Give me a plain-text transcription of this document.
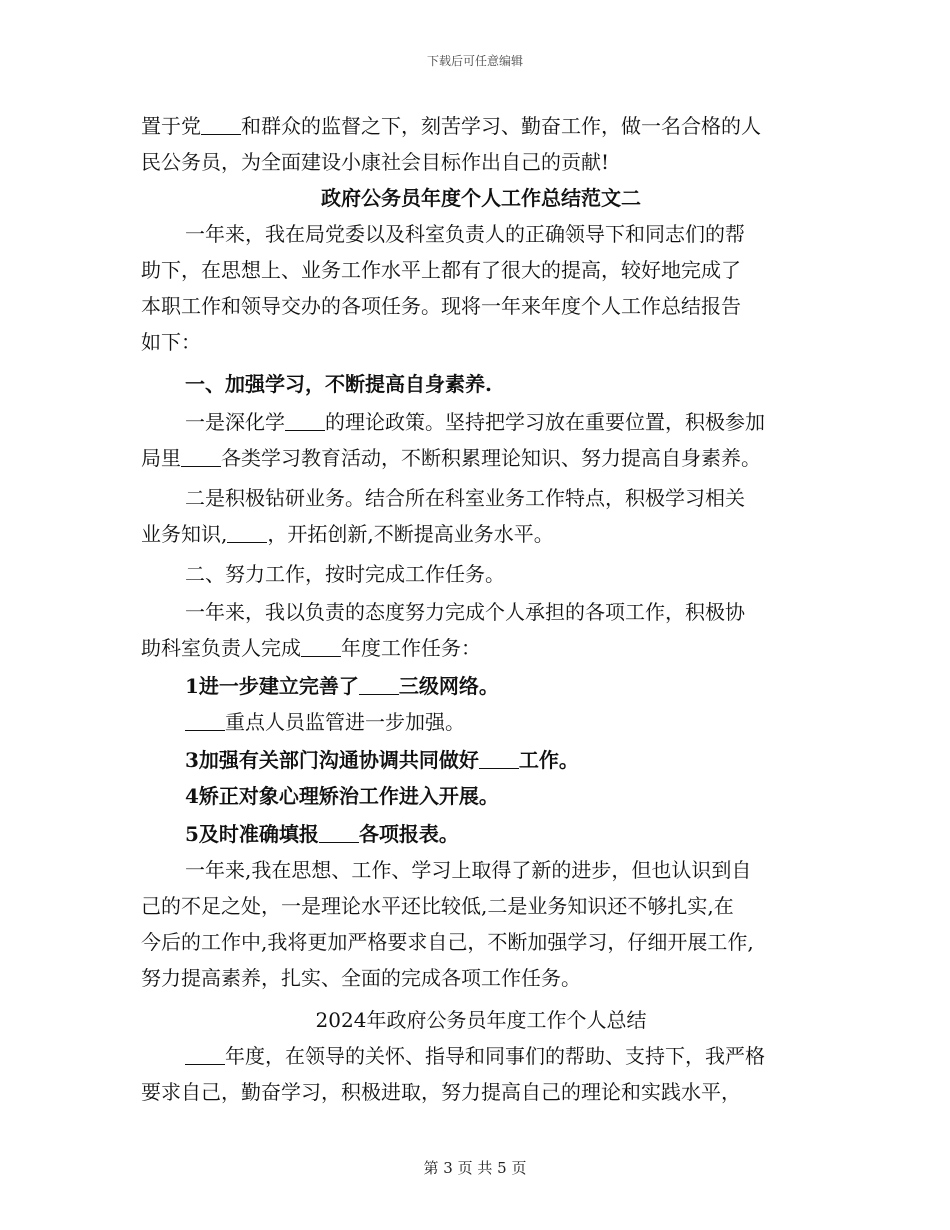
下载后可任意编辑
置于党 和群众的监督之下，刻苦学习、勤奋工作，做一名合格的人
民公务员，为全面建设小康社会目标作出自己的贡献!
政府公务员年度个人工作总结范文二
一年来，我在局党委以及科室负责人的正确领导下和同志们的帮
助下，在思想上、业务工作水平上都有了很大的提高，较好地完成了
本职工作和领导交办的各项任务。现将一年来年度个人工作总结报告
如下：
一、加强学习，不断提高自身素养.
一是深化学 的理论政策。坚持把学习放在重要位置，积极参加
局里 各类学习教育活动，不断积累理论知识、努力提高自身素养。
二是积极钻研业务。结合所在科室业务工作特点，积极学习相关
业务知识, ，开拓创新,不断提高业务水平。
二、努力工作，按时完成工作任务。
一年来，我以负责的态度努力完成个人承担的各项工作，积极协
助科室负责人完成 年度工作任务：
1进一步建立完善了 三级网络。
重点人员监管进一步加强。
3加强有关部门沟通协调共同做好 工作。
4矫正对象心理矫治工作进入开展。
5及时准确填报 各项报表。
一年来,我在思想、工作、学习上取得了新的进步，但也认识到自
己的不足之处，一是理论水平还比较低,二是业务知识还不够扎实,在
今后的工作中,我将更加严格要求自己，不断加强学习，仔细开展工作,
努力提高素养，扎实、全面的完成各项工作任务。
2024年政府公务员年度工作个人总结
年度，在领导的关怀、指导和同事们的帮助、支持下，我严格
要求自己，勤奋学习，积极进取，努力提高自己的理论和实践水平，
第 3 页 共 5 页
